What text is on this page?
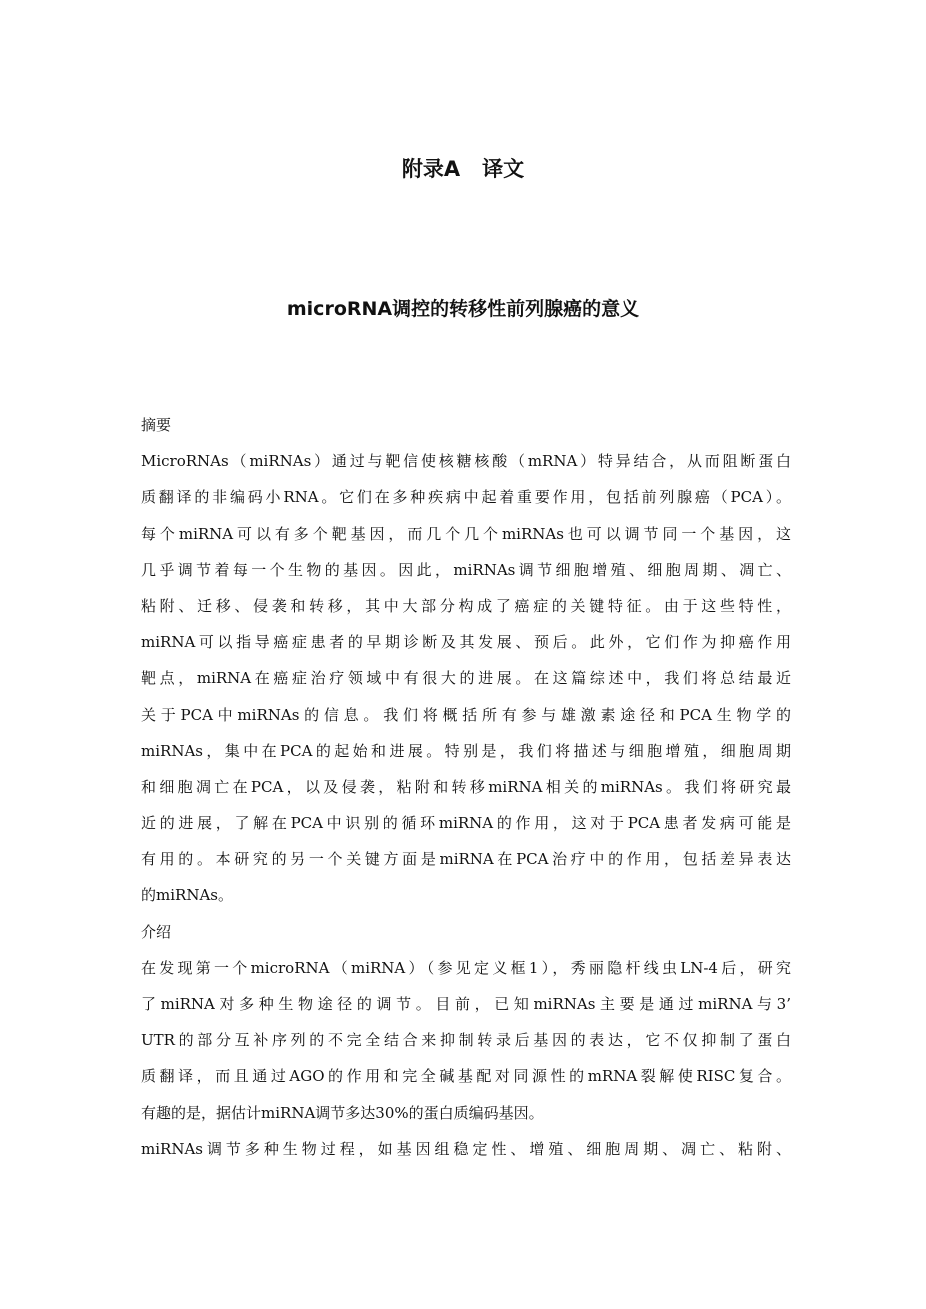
附录A   译文
microRNA调控的转移性前列腺癌的意义
摘要
MicroRNAs（miRNAs）通过与靶信使核糖核酸（mRNA）特异结合，从而阻断蛋白
质翻译的非编码小RNA。它们在多种疾病中起着重要作用，包括前列腺癌（PCA）。
每个miRNA可以有多个靶基因，而几个几个miRNAs也可以调节同一个基因，这
几乎调节着每一个生物的基因。因此，miRNAs调节细胞增殖、细胞周期、凋亡、
粘附、迁移、侵袭和转移，其中大部分构成了癌症的关键特征。由于这些特性，
miRNA可以指导癌症患者的早期诊断及其发展、预后。此外，它们作为抑癌作用
靶点，miRNA在癌症治疗领域中有很大的进展。在这篇综述中，我们将总结最近
关于PCA中miRNAs的信息。我们将概括所有参与雄激素途径和PCA生物学的
miRNAs，集中在PCA的起始和进展。特别是，我们将描述与细胞增殖，细胞周期
和细胞凋亡在PCA，以及侵袭，粘附和转移miRNA相关的miRNAs。我们将研究最
近的进展，了解在PCA中识别的循环miRNA的作用，这对于PCA患者发病可能是
有用的。本研究的另一个关键方面是miRNA在PCA治疗中的作用，包括差异表达
的miRNAs。
介绍
在发现第一个microRNA（miRNA）（参见定义框1），秀丽隐杆线虫LN-4后，研究
了miRNA对多种生物途径的调节。目前，已知miRNAs主要是通过miRNA与3’
UTR的部分互补序列的不完全结合来抑制转录后基因的表达，它不仅抑制了蛋白
质翻译，而且通过AGO的作用和完全碱基配对同源性的mRNA裂解使RISC复合。
有趣的是，据估计miRNA调节多达30%的蛋白质编码基因。
miRNAs调节多种生物过程，如基因组稳定性、增殖、细胞周期、凋亡、粘附、
